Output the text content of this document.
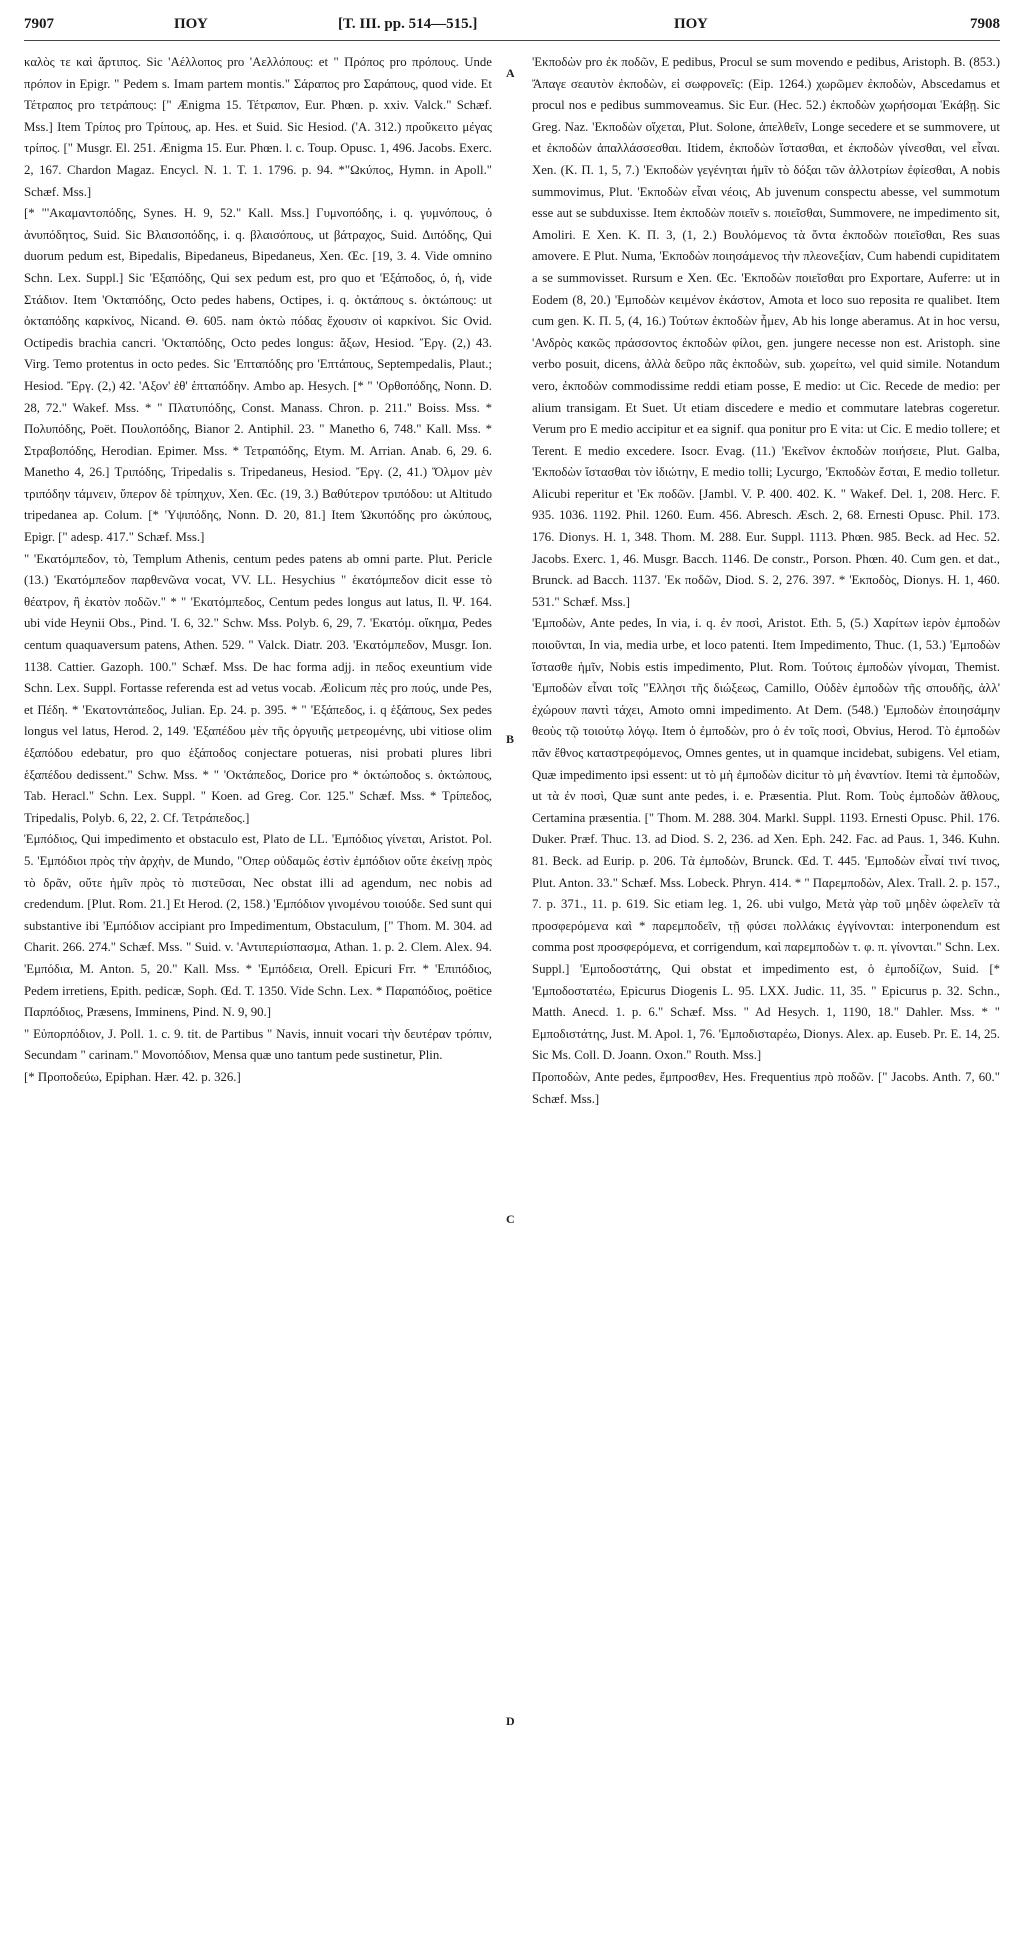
7907	ΠΟΥ	[T. III. pp. 514—515.]	ΠΟΥ	7908
A
B
C
D

καλὸς τε καὶ ἄρτιπος. Sic 'Αέλλοπος pro 'Αελλόπους: et " Πρόπος pro πρόπους. Unde πρόπον in Epigr. " Pedem s. Imam partem montis." Σάραπος pro Σαράπους, quod vide. Et Τέτραπος pro τετράπους: [" Ænigma 15. Τέτραπον, Eur. Phœn. p. xxiv. Valck." Schæf. Mss.] Item Τρίπος pro Τρίπους, ap. Hes. et Suid. Sic Hesiod. ('Α. 312.) πρoὔκειτο μέγας τρίπος. [" Musgr. El. 251. Ænigma 15. Eur. Phœn. l. c. Toup. Opusc. 1, 496. Jacobs. Exerc. 2, 167. Chardon Magaz. Encycl. N. 1. T. 1. 1796. p. 94. *"Ωκύπος, Hymn. in Apoll." Schæf. Mss.]

[* "'Ακαμαντοπόδης, Synes. H. 9, 52." Kall. Mss.] Γυμνοπόδης, i. q. γυμνόπους, ὁ ἀνυπόδητος, Suid. Sic Βλαισοπόδης, i. q. βλαισόπους, ut βάτραχος, Suid. Διπόδης, Qui duorum pedum est, Bipedalis, Bipedaneus, Bipedaneus, Xen. Œc. [19, 3. 4. Vide omnino Schn. Lex. Suppl.] Sic 'Εξαπόδης, Qui sex pedum est, pro quo et 'Εξάποδος, ὁ, ἡ, vide Στάδιον. Item 'Οκταπόδης, Octo pedes habens, Octipes, i. q. ὀκτάπους s. ὀκτώπους: ut ὀκταπόδης καρκίνος, Nicand. Θ. 605. nam ὀκτὼ πόδας ἔχουσιν οἱ καρκίνοι. Sic Ovid. Octipedis brachia cancri. 'Οκταπόδης, Octo pedes longus: ἄξων, Hesiod. Ἔργ. (2,) 43. Virg. Temo protentus in octo pedes. Sic 'Επταπόδης pro 'Επτάπους, Septempedalis, Plaut.; Hesiod. Ἔργ. (2,) 42. 'Αξον' ἐθ' ἑπταπόδην. Ambo ap. Hesych. [* " 'Ορθοπόδης, Nonn. D. 28, 72." Wakef. Mss. * " Πλατυπόδης, Const. Manass. Chron. p. 211." Boiss. Mss. * Πολυπόδης, Poët. Πουλοπόδης, Bianor 2. Antiphil. 23. " Manetho 6, 748." Kall. Mss. * Στραβοπόδης, Herodian. Epimer. Mss. * Τετραπόδης, Etym. M. Arrian. Anab. 6, 29. 6. Manetho 4, 26.] Τριπόδης, Tripedalis s. Tripedaneus, Hesiod. Ἔργ. (2, 41.) Ὅλμον μὲν τριπόδην τάμνειν, ὕπερον δὲ τρίπηχυν, Xen. Œc. (19, 3.) Βαθύτερον τριπόδου: ut Altitudo tripedanea ap. Colum. [* 'Υψιπόδης, Nonn. D. 20, 81.] Item Ὠκυπόδης pro ὠκύπους, Epigr. [" adesp. 417." Schæf. Mss.]

" 'Εκατόμπεδον, τὸ, Templum Athenis, centum pedes patens ab omni parte. Plut. Pericle (13.) Ἑκατόμπεδον παρθενῶνα vocat, VV. LL. Hesychius " ἑκατόμπεδον dicit esse τὸ θέατρον, ἢ ἑκατὸν ποδῶν." * " 'Εκατόμπεδος, Centum pedes longus aut latus, Il. Ψ. 164. ubi vide Heynii Obs., Pind. 'Ι. 6, 32." Schw. Mss. Polyb. 6, 29, 7. 'Εκατόμ. οἴκημα, Pedes centum quaquaversum patens, Athen. 529. " Valck. Diatr. 203. 'Εκατόμπεδον, Musgr. Ion. 1138. Cattier. Gazoph. 100." Schæf. Mss. De hac forma adjj. in πεδος exeuntium vide Schn. Lex. Suppl. Fortasse referenda est ad vetus vocab. Æolicum πὲς pro πούς, unde Pes, et Πέδη. * 'Εκατοντάπεδος, Julian. Ep. 24. p. 395. * " 'Εξάπεδος, i. q ἑξάπους, Sex pedes longus vel latus, Herod. 2, 149. 'Εξαπέδου μὲν τῆς ὀργυιῆς μετρεομένης, ubi vitiose olim ἑξαπόδου edebatur, pro quo ἑξάποδος conjectare potueras, nisi probati plures libri ἑξαπέδου dedissent." Schw. Mss. * " 'Οκτάπεδος, Dorice pro * ὀκτώποδος s. ὀκτώπους, Tab. Heracl." Schn. Lex. Suppl. " Koen. ad Greg. Cor. 125." Schæf. Mss. * Τρίπεδος, Tripedalis, Polyb. 6, 22, 2. Cf. Τετράπεδος.]

Ἐμπόδιος, Qui impedimento et obstaculo est, Plato de LL. 'Εμπόδιος γίνεται, Aristot. Pol. 5. 'Εμπόδιοι πρὸς τὴν ἀρχὴν, de Mundo, "Οπερ οὐδαμῶς ἐστὶν ἐμπόδιον οὔτε ἐκείνῃ πρὸς τὸ δρᾶν, οὔτε ἡμῖν πρὸς τὸ πιστεῦσαι, Nec obstat illi ad agendum, nec nobis ad credendum. [Plut. Rom. 21.] Et Herod. (2, 158.) 'Εμπόδιον γινομένου τοιούδε. Sed sunt qui substantive ibi 'Εμπόδιον accipiant pro Impedimentum, Obstaculum, [" Thom. M. 304. ad Charit. 266. 274." Schæf. Mss. " Suid. v. 'Αντιπεριίσπασμα, Athan. 1. p. 2. Clem. Alex. 94. 'Εμπόδια, M. Anton. 5, 20." Kall. Mss. * 'Εμπόδεια, Orell. Epicuri Frr. * 'Επιπόδιος, Pedem irretiens, Epith. pedicæ, Soph. Œd. T. 1350. Vide Schn. Lex. * Παραπόδιος, poëtice Παρπόδιος, Præsens, Imminens, Pind. N. 9, 90.]

" Εὐπορπόδιον, J. Poll. 1. c. 9. tit. de Partibus " Navis, innuit vocari τὴν δευτέραν τρόπιν, Secundam " carinam." Μονοπόδιον, Mensa quæ uno tantum pede sustinetur, Plin.

[* Προποδεύω, Epiphan. Hær. 42. p. 326.]

'Εκποδὼν pro ἐκ ποδῶν, E pedibus, Procul se sum movendo e pedibus, Aristoph. B. (853.) Ἄπαγε σεαυτὸν ἐκποδὼν, εἰ σωφρονεῖς: (Eip. 1264.) χωρῶμεν ἐκποδὼν, Abscedamus et procul nos e pedibus summoveamus. Sic Eur. (Hec. 52.) ἐκποδὼν χωρήσομαι Ἑκάβῃ. Sic Greg. Naz. 'Εκποδὼν οἴχεται, Plut. Solone, ἀπελθεῖν, Longe secedere et se summovere, ut et ἐκποδὼν ἀπαλλάσσεσθαι. Itidem, ἐκποδὼν ἵστασθαι, et ἐκποδὼν γίνεσθαι, vel εἶναι. Xen. (K. Π. 1, 5, 7.) 'Εκποδὼν γεγένηται ἡμῖν τὸ δόξαι τῶν ἀλλοτρίων ἐφίεσθαι, A nobis summovimus, Plut. 'Εκποδὼν εἶναι νέοις, Ab juvenum conspectu abesse, vel summotum esse aut se subduxisse. Item ἐκποδὼν ποιεῖν s. ποιεῖσθαι, Summovere, ne impedimento sit, Amoliri. E Xen. K. Π. 3, (1, 2.) Βουλόμενος τὰ ὄντα ἐκποδὼν ποιεῖσθαι, Res suas amovere. E Plut. Numa, 'Εκποδὼν ποιησάμενος τὴν πλεονεξίαν, Cum habendi cupiditatem a se summovisset. Rursum e Xen. Œc. 'Εκποδὼν ποιεῖσθαι pro Exportare, Auferre: ut in Eodem (8, 20.) 'Εμποδὼν κειμένον ἑκάστον, Amota et loco suo reposita re qualibet. Item cum gen. K. Π. 5, (4, 16.) Τούτων ἐκποδὼν ἦμεν, Ab his longe aberamus. At in hoc versu, 'Ανδρὸς κακῶς πράσσοντος ἐκποδὼν φίλοι, gen. jungere necesse non est. Aristoph. sine verbo posuit, dicens, ἀλλὰ δεῦρο πᾶς ἐκποδὼν, sub. χωρείτω, vel quid simile. Notandum vero, ἐκποδὼν commodissime reddi etiam posse, E medio: ut Cic. Recede de medio: per alium transigam. Et Suet. Ut etiam discedere e medio et commutare latebras cogeretur. Verum pro E medio accipitur et ea signif. qua ponitur pro E vita: ut Cic. E medio tollere; et Terent. E medio excedere. Isocr. Evag. (11.) 'Εκεῖνον ἐκποδὼν ποιήσειε, Plut. Galba, 'Εκποδὼν ἵστασθαι τὸν ἰδιώτην, E medio tolli; Lycurgo, 'Εκποδὼν ἔσται, E medio tolletur. Alicubi reperitur et 'Εκ ποδῶν. [Jambl. V. P. 400. 402. K. " Wakef. Del. 1, 208. Herc. F. 935. 1036. 1192. Phil. 1260. Eum. 456. Abresch. Æsch. 2, 68. Ernesti Opusc. Phil. 173. 176. Dionys. H. 1, 348. Thom. M. 288. Eur. Suppl. 1113. Phœn. 985. Beck. ad Hec. 52. Jacobs. Exerc. 1, 46. Musgr. Bacch. 1146. De constr., Porson. Phœn. 40. Cum gen. et dat., Brunck. ad Bacch. 1137. 'Εκ ποδῶν, Diod. S. 2, 276. 397. * 'Εκποδὸς, Dionys. H. 1, 460. 531." Schæf. Mss.]

'Εμποδὼν, Ante pedes, In via, i. q. ἐν ποσὶ, Aristot. Eth. 5, (5.) Χαρίτων ἱερὸν ἐμποδὼν ποιοῦνται, In via, media urbe, et loco patenti. Item Impedimento, Thuc. (1, 53.) 'Εμποδὼν ἵστασθε ἡμῖν, Nobis estis impedimento, Plut. Rom. Τούτοις ἐμποδὼν γίνομαι, Themist. 'Εμποδὼν εἶναι τοῖς "Ελλησι τῆς διώξεως, Camillo, Οὐδὲν ἐμποδὼν τῆς σπουδῆς, ἀλλ' ἐχώρουν παντὶ τάχει, Amoto omni impedimento. At Dem. (548.) 'Εμποδὼν ἐποιησάμην θεοὺς τῷ τοιούτῳ λόγῳ. Item ὁ ἐμποδὼν, pro ὁ ἐν τοῖς ποσὶ, Obvius, Herod. Τὸ ἐμποδὼν πᾶν ἔθνος καταστρεφόμενος, Omnes gentes, ut in quamque incidebat, subigens. Vel etiam, Quæ impedimento ipsi essent: ut τὸ μὴ ἐμποδὼν dicitur τὸ μὴ ἐναντίον. Itemi τὰ ἐμποδὼν, ut τὰ ἐν ποσὶ, Quæ sunt ante pedes, i. e. Præsentia. Plut. Rom. Τοὺς ἐμποδὼν ἄθλους, Certamina præsentia. [" Thom. M. 288. 304. Markl. Suppl. 1193. Ernesti Opusc. Phil. 176. Duker. Præf. Thuc. 13. ad Diod. S. 2, 236. ad Xen. Eph. 242. Fac. ad Paus. 1, 346. Kuhn. 81. Beck. ad Eurip. p. 206. Τὰ ἐμποδὼν, Brunck. Œd. T. 445. 'Εμποδὼν εἶναί τινί τινος, Plut. Anton. 33." Schæf. Mss. Lobeck. Phryn. 414. * " Παρεμποδὼν, Alex. Trall. 2. p. 157., 7. p. 371., 11. p. 619. Sic etiam leg. 1, 26. ubi vulgo, Μετὰ γὰρ τοῦ μηδὲν ὠφελεῖν τὰ προσφερόμενα καὶ * παρεμποδεῖν, τῇ φύσει πολλάκις ἐγγίνονται: interponendum est comma post προσφερόμενα, et corrigendum, καὶ παρεμποδὼν τ. φ. π. γίνονται." Schn. Lex. Suppl.] 'Εμποδοστάτης, Qui obstat et impedimento est, ὁ ἐμποδίζων, Suid. [* 'Εμποδοστατέω, Epicurus Diogenis L. 95. LXX. Judic. 11, 35. " Epicurus p. 32. Schn., Matth. Anecd. 1. p. 6." Schæf. Mss. " Ad Hesych. 1, 1190, 18." Dahler. Mss. * " Εμποδιστάτης, Just. M. Apol. 1, 76. 'Εμποδισταρέω, Dionys. Alex. ap. Euseb. Pr. E. 14, 25. Sic Ms. Coll. D. Joann. Oxon." Routh. Mss.]

Προποδὼν, Ante pedes, ἔμπροσθεν, Hes. Frequentius πρὸ ποδῶν. [" Jacobs. Anth. 7, 60." Schæf. Mss.]
